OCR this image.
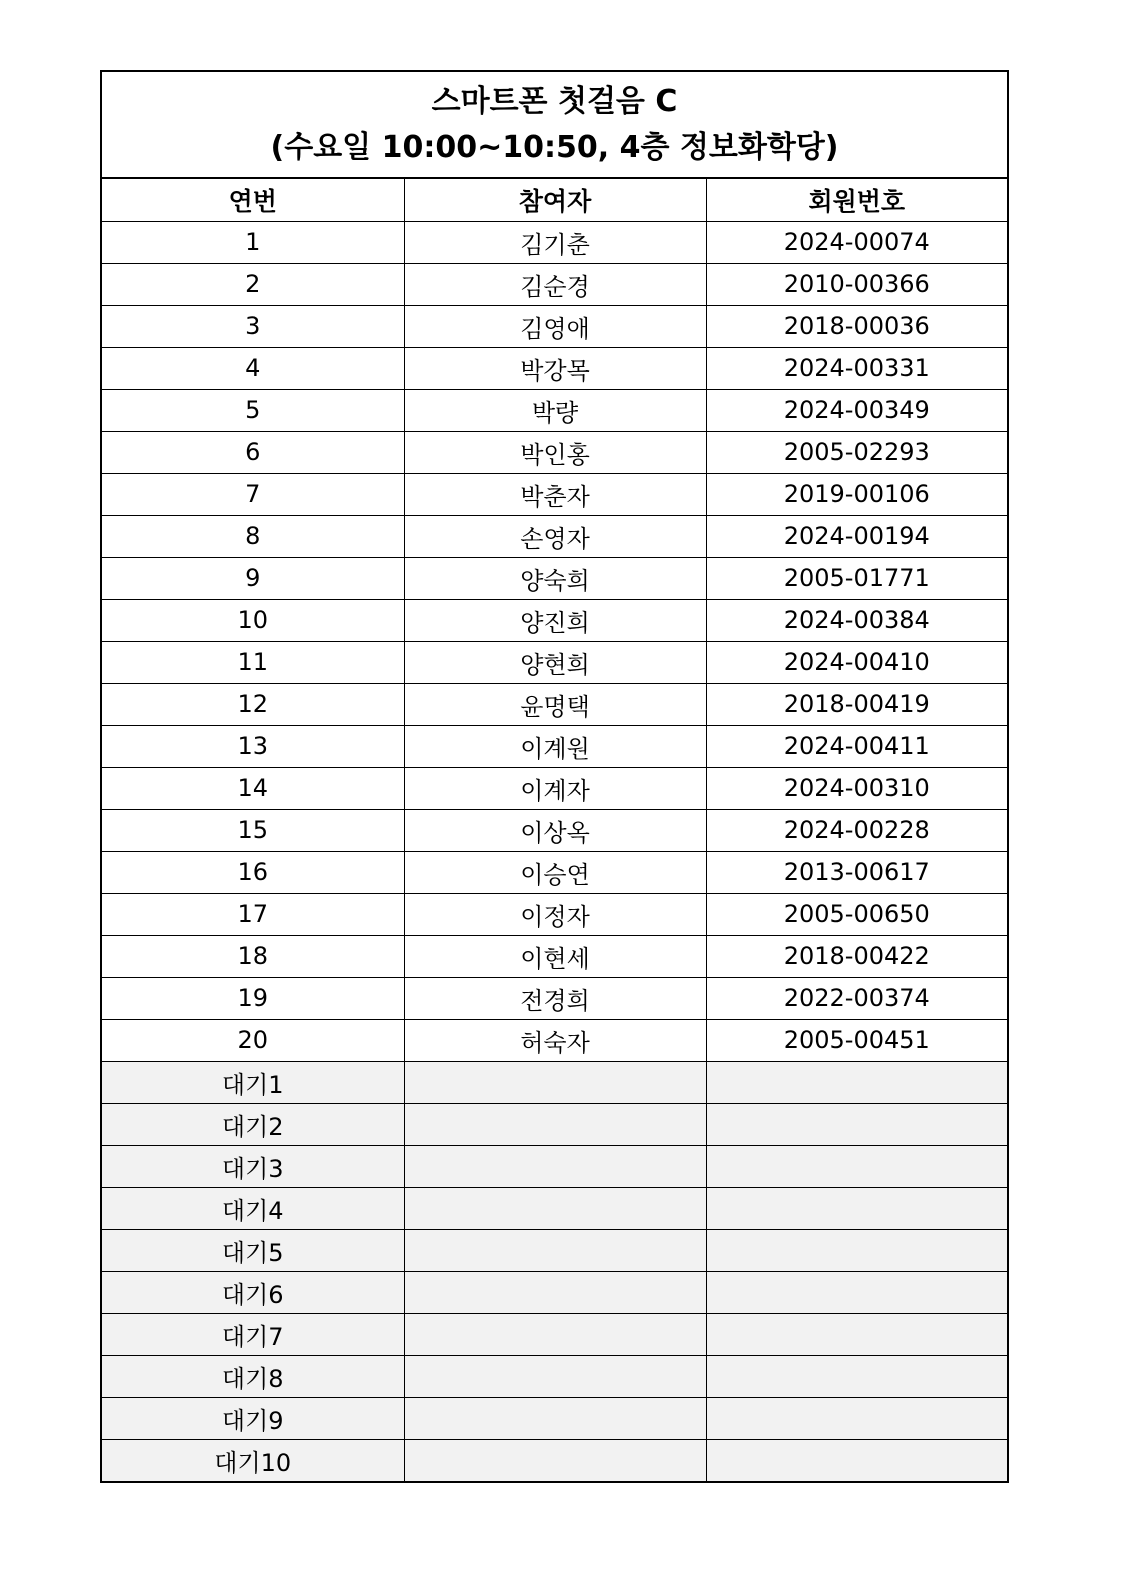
스마트폰 첫걸음 C
(수요일 10:00~10:50, 4층 정보화학당)
연번	참여자	회원번호
1	김기춘	2024-00074
2	김순경	2010-00366
3	김영애	2018-00036
4	박강목	2024-00331
5	박량	2024-00349
6	박인홍	2005-02293
7	박춘자	2019-00106
8	손영자	2024-00194
9	양숙희	2005-01771
10	양진희	2024-00384
11	양현희	2024-00410
12	윤명택	2018-00419
13	이계원	2024-00411
14	이계자	2024-00310
15	이상옥	2024-00228
16	이승연	2013-00617
17	이정자	2005-00650
18	이현세	2018-00422
19	전경희	2022-00374
20	허숙자	2005-00451
대기1		
대기2		
대기3		
대기4		
대기5		
대기6		
대기7		
대기8		
대기9		
대기10		
